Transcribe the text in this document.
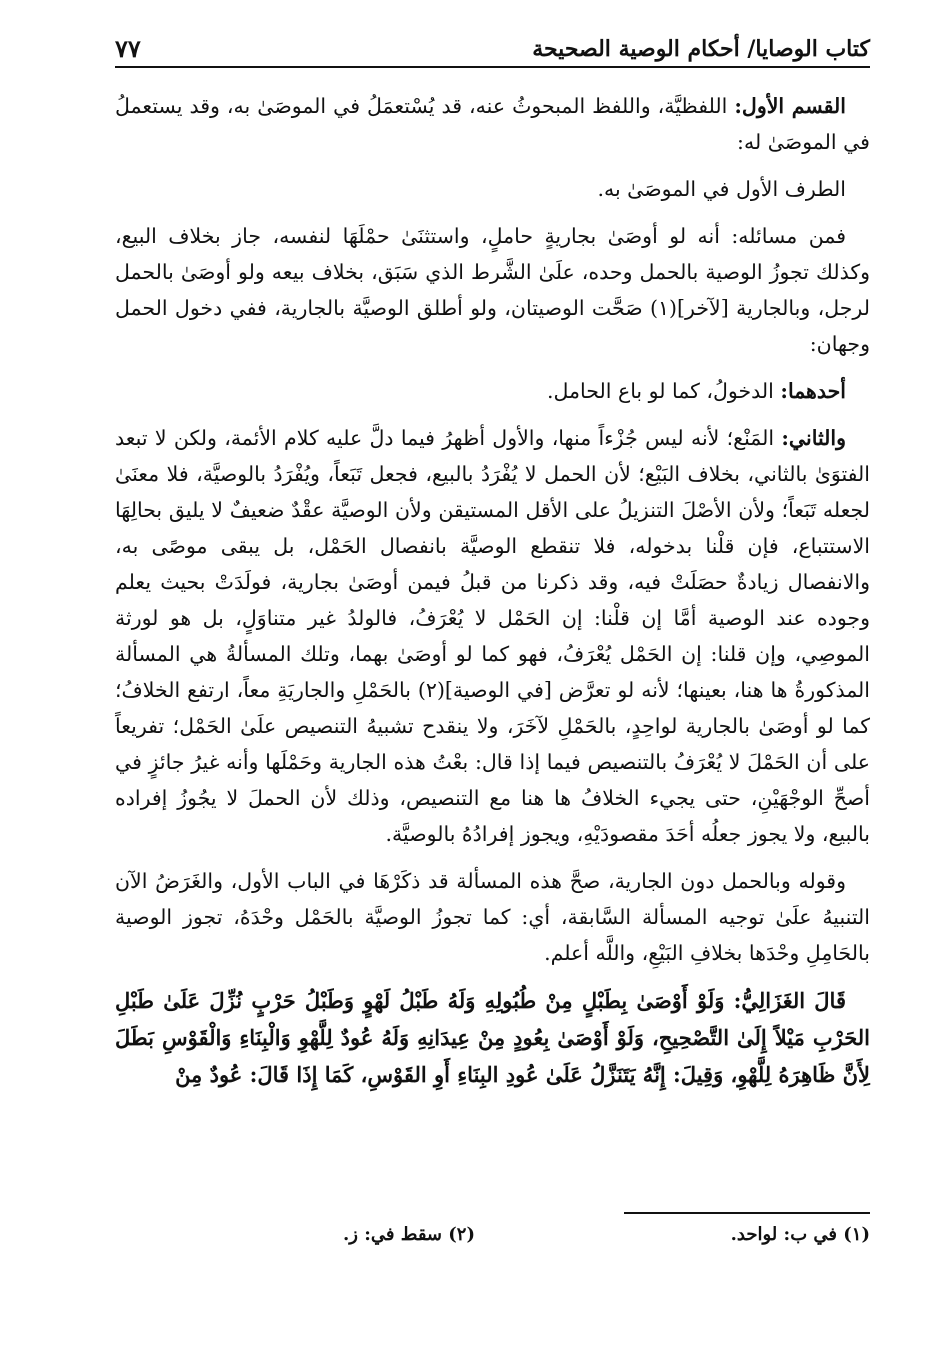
كتاب الوصايا/ أحكام الوصية الصحيحة
٧٧

القسم الأول: اللفظيَّة، واللفظ المبحوثُ عنه، قد يُسْتعمَلُ في الموصَىٰ به، وقد يستعملُ في الموصَىٰ له:

الطرف الأول في الموصَىٰ به.

فمن مسائله: أنه لو أوصَىٰ بجاريةٍ حاملٍ، واستثنَىٰ حمْلَهَا لنفسه، جاز بخلاف البيع، وكذلك تجوزُ الوصية بالحمل وحده، علَىٰ الشَّرط الذي سَبَق، بخلاف بيعه ولو أوصَىٰ بالحمل لرجل، وبالجارية [لآخر](١) صَحَّت الوصيتان، ولو أطلق الوصيَّة بالجارية، ففي دخول الحمل وجهان:

أحدهما: الدخولُ، كما لو باع الحامل.

والثاني: المَنْع؛ لأنه ليس جُزْءاً منها، والأول أظهرُ فيما دلَّ عليه كلام الأئمة، ولكن لا تبعد الفتوَىٰ بالثاني، بخلاف البَيْع؛ لأن الحمل لا يُفْرَدُ بالبيع، فجعل تَبَعاً، ويُفْرَدُ بالوصيَّة، فلا معنَىٰ لجعله تَبَعاً؛ ولأن الأصْلَ التنزيلُ على الأقل المستيقن ولأن الوصيَّة عقْدٌ ضعيفٌ لا يليق بحالِهَا الاستتباع، فإن قلْنا بدخوله، فلا تنقطع الوصيَّة بانفصال الحَمْل، بل يبقى موصًى به، والانفصال زيادةٌ حصَلَتْ فيه، وقد ذكرنا من قبلُ فيمن أوصَىٰ بجارية، فولَدَتْ بحيث يعلم وجوده عند الوصية أمَّا إن قلْنا: إن الحَمْل لا يُعْرَفُ، فالولدُ غير متناوَلٍ، بل هو لورثة الموصِي، وإن قلنا: إن الحَمْل يُعْرَفُ، فهو كما لو أوصَىٰ بهما، وتلك المسألةُ هي المسألة المذكورةُ ها هنا، بعينها؛ لأنه لو تعرَّض [في الوصية](٢) بالحَمْلِ والجاريَةِ معاً، ارتفع الخلافُ؛ كما لو أوصَىٰ بالجارية لواحِدٍ، بالحَمْلِ لآخَرَ، ولا ينقدح تشبيهُ التنصيص علَىٰ الحَمْل؛ تفريعاً على أن الحَمْلَ لا يُعْرَفُ بالتنصيص فيما إذا قال: بعْتُ هذه الجارية وحَمْلَها وأنه غيرُ جائزٍ في أصحِّ الوجْهَيْنِ، حتى يجيء الخلافُ ها هنا مع التنصيص، وذلك لأن الحملَ لا يجُوزُ إفراده بالبيع، ولا يجوز جعلُه أحَدَ مقصودَيْهِ، ويجوز إفرادُهُ بالوصيَّة.

وقوله وبالحمل دون الجارية، صحَّ هذه المسألة قد ذكَرْهَا في الباب الأول، والغَرَضُ الآن التنبيهُ علَىٰ توجيه المسألة السَّابقة، أي: كما تجوزُ الوصيَّة بالحَمْل وحْدَهُ، تجوز الوصية بالحَامِلِ وحْدَها بخلافِ البَيْعِ، واللَّه أعلم.

قَالَ الغَزَالِيُّ: وَلَوْ أَوْصَىٰ بِطَبْلٍ مِنْ طُبُولِهِ وَلَهُ طَبْلُ لَهْوٍ وَطَبْلُ حَرْبٍ نُزِّلَ عَلَىٰ طَبْلِ الحَرْبِ مَيْلاً إِلَىٰ التَّصْحِيحِ، وَلَوْ أَوْصَىٰ بِعُودٍ مِنْ عِيدَانِهِ وَلَهُ عُودٌ لِلَّهْوِ وَالْبِنَاءِ وَالْقَوْسِ بَطَلَ لِأَنَّ ظَاهِرَهُ لِلَّهْوِ، وَقِيلَ: إِنَّهُ يَتَنَزَّلُ عَلَىٰ عُودِ البِنَاءِ أَوِ القَوْسِ، كَمَا إِذَا قَالَ: عُودٌ مِنْ

(١) في ب: لواحد.
(٢) سقط في: ز.
